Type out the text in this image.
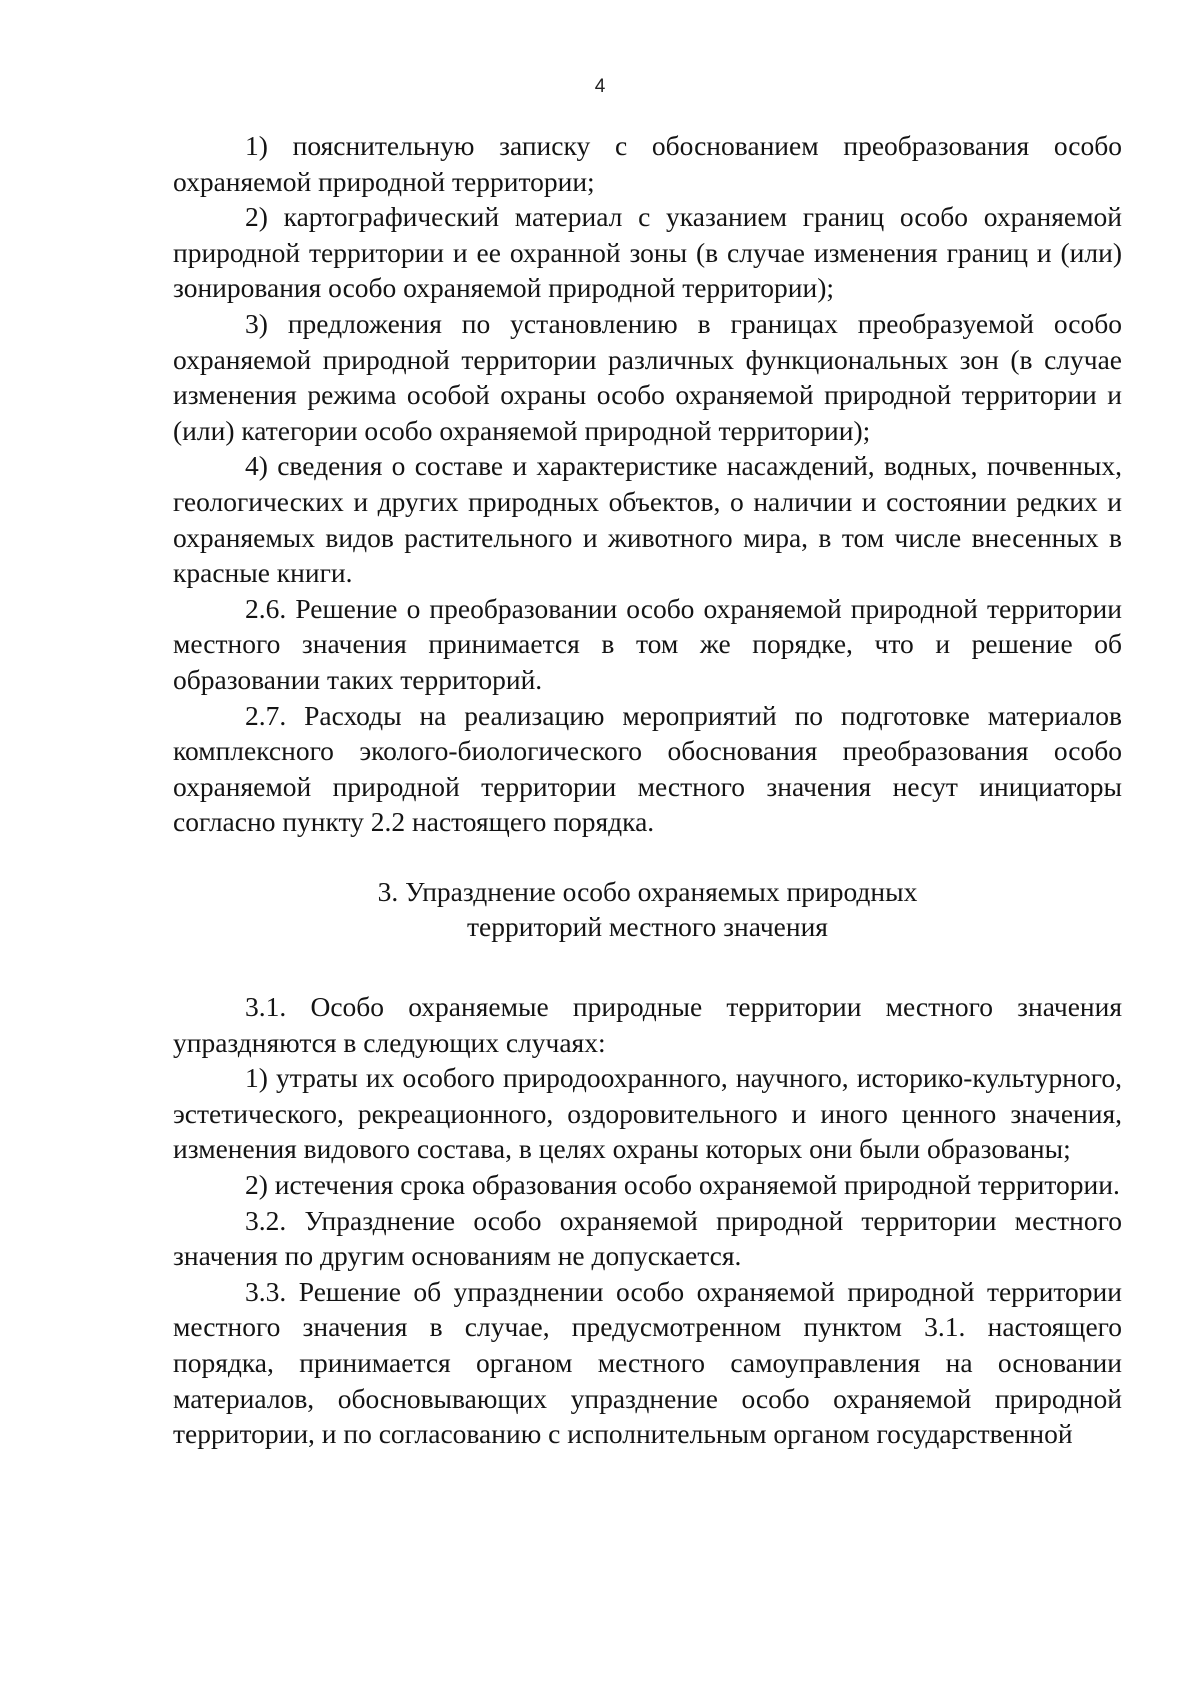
4

1) пояснительную записку с обоснованием преобразования особо охраняемой природной территории;

2) картографический материал с указанием границ особо охраняемой природной территории и ее охранной зоны (в случае изменения границ и (или) зонирования особо охраняемой природной территории);

3) предложения по установлению в границах преобразуемой особо охраняемой природной территории различных функциональных зон (в случае изменения режима особой охраны особо охраняемой природной территории и (или) категории особо охраняемой природной территории);

4) сведения о составе и характеристике насаждений, водных, почвенных, геологических и других природных объектов, о наличии и состоянии редких и охраняемых видов растительного и животного мира, в том числе внесенных в красные книги.

2.6. Решение о преобразовании особо охраняемой природной территории местного значения принимается в том же порядке, что и решение об образовании таких территорий.

2.7. Расходы на реализацию мероприятий по подготовке материалов комплексного эколого-биологического обоснования преобразования особо охраняемой природной территории местного значения несут инициаторы согласно пункту 2.2 настоящего порядка.

3. Упразднение особо охраняемых природных

территорий местного значения

3.1. Особо охраняемые природные территории местного значения упраздняются в следующих случаях:

1) утраты их особого природоохранного, научного, историко-культурного, эстетического, рекреационного, оздоровительного и иного ценного значения, изменения видового состава, в целях охраны которых они были образованы;

2) истечения срока образования особо охраняемой природной территории.

3.2. Упразднение особо охраняемой природной территории местного значения по другим основаниям не допускается.

3.3. Решение об упразднении особо охраняемой природной территории местного значения в случае, предусмотренном пунктом 3.1. настоящего порядка, принимается органом местного самоуправления на основании материалов, обосновывающих упразднение особо охраняемой природной территории, и по согласованию с исполнительным органом государственной
